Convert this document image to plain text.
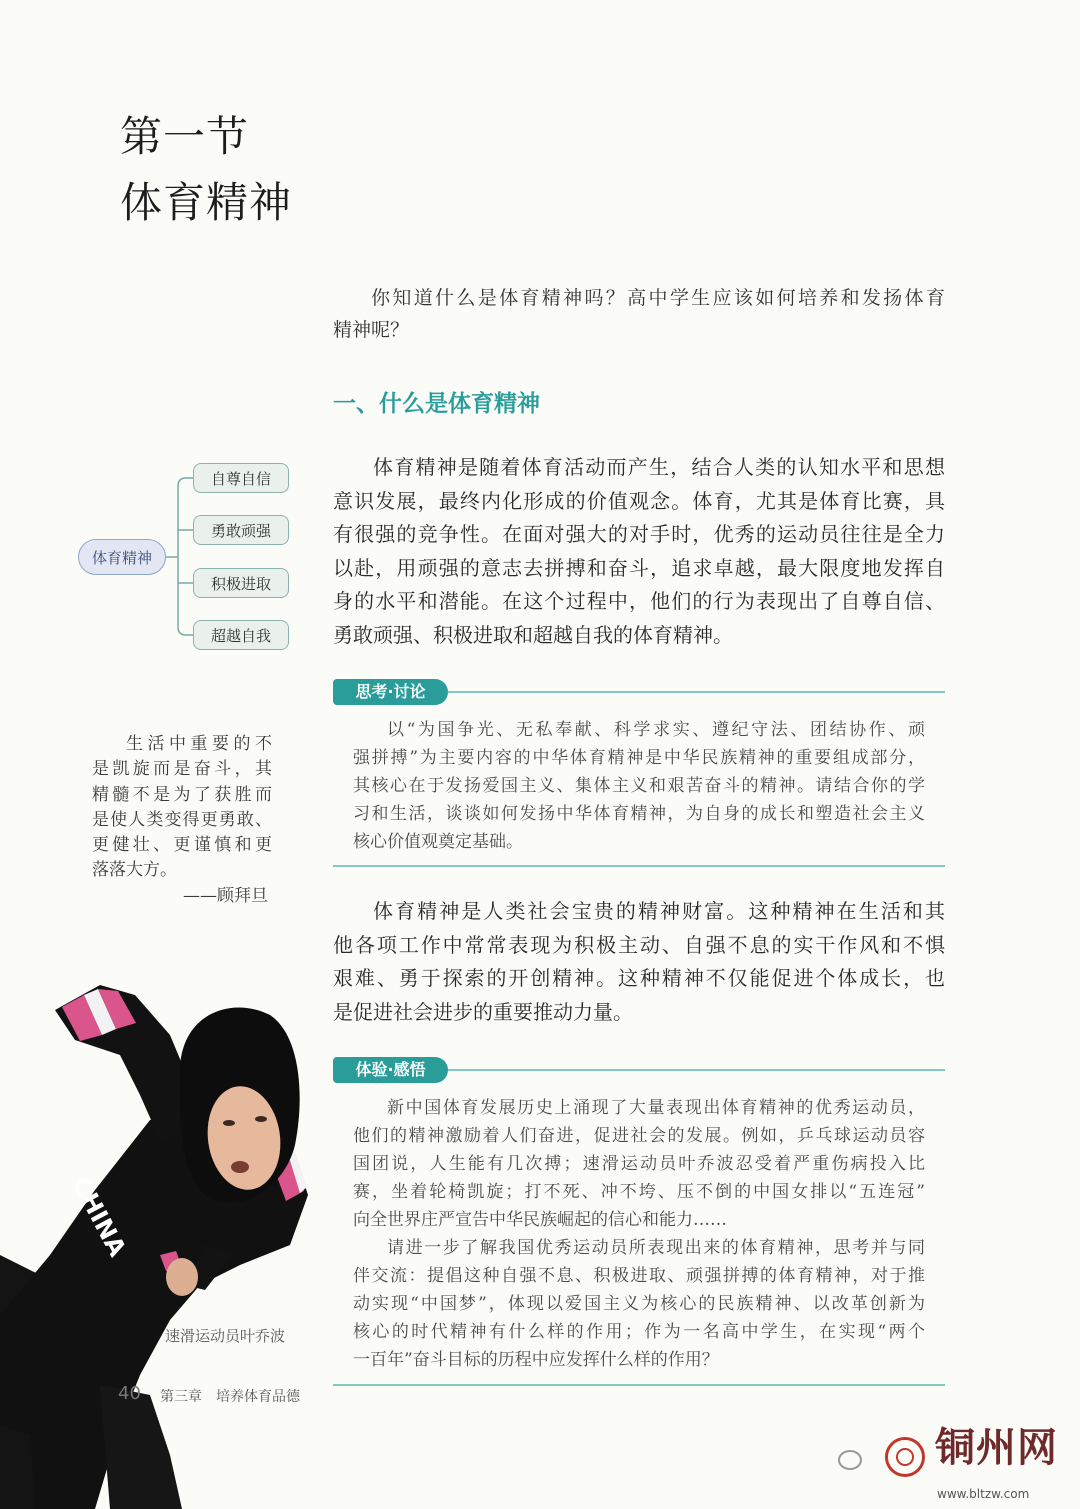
第一节
体育精神
你知道什么是体育精神吗？高中学生应该如何培养和发扬体育
精神呢？
一、什么是体育精神
体育精神
自尊自信
勇敢顽强
积极进取
超越自我
体育精神是随着体育活动而产生，结合人类的认知水平和思想
意识发展，最终内化形成的价值观念。体育，尤其是体育比赛，具
有很强的竞争性。在面对强大的对手时，优秀的运动员往往是全力
以赴，用顽强的意志去拼搏和奋斗，追求卓越，最大限度地发挥自
身的水平和潜能。在这个过程中，他们的行为表现出了自尊自信、
勇敢顽强、积极进取和超越自我的体育精神。
思考·讨论
以“为国争光、无私奉献、科学求实、遵纪守法、团结协作、顽
强拼搏”为主要内容的中华体育精神是中华民族精神的重要组成部分，
其核心在于发扬爱国主义、集体主义和艰苦奋斗的精神。请结合你的学
习和生活，谈谈如何发扬中华体育精神，为自身的成长和塑造社会主义
核心价值观奠定基础。
生活中重要的不
是凯旋而是奋斗，其
精髓不是为了获胜而
是使人类变得更勇敢、
更健壮、更谨慎和更
落落大方。
——顾拜旦
体育精神是人类社会宝贵的精神财富。这种精神在生活和其
他各项工作中常常表现为积极主动、自强不息的实干作风和不惧
艰难、勇于探索的开创精神。这种精神不仅能促进个体成长，也
是促进社会进步的重要推动力量。
体验·感悟
新中国体育发展历史上涌现了大量表现出体育精神的优秀运动员，
他们的精神激励着人们奋进，促进社会的发展。例如，乒乓球运动员容
国团说，人生能有几次搏；速滑运动员叶乔波忍受着严重伤病投入比
赛，坐着轮椅凯旋；打不死、冲不垮、压不倒的中国女排以“五连冠”
向全世界庄严宣告中华民族崛起的信心和能力……
请进一步了解我国优秀运动员所表现出来的体育精神，思考并与同
伴交流：提倡这种自强不息、积极进取、顽强拼搏的体育精神，对于推
动实现“中国梦”，体现以爱国主义为核心的民族精神、以改革创新为
核心的时代精神有什么样的作用；作为一名高中学生，在实现“两个
一百年”奋斗目标的历程中应发挥什么样的作用？
CHINA
速滑运动员叶乔波
40 第三章 培养体育品德
铜州网
www.bltzw.com
